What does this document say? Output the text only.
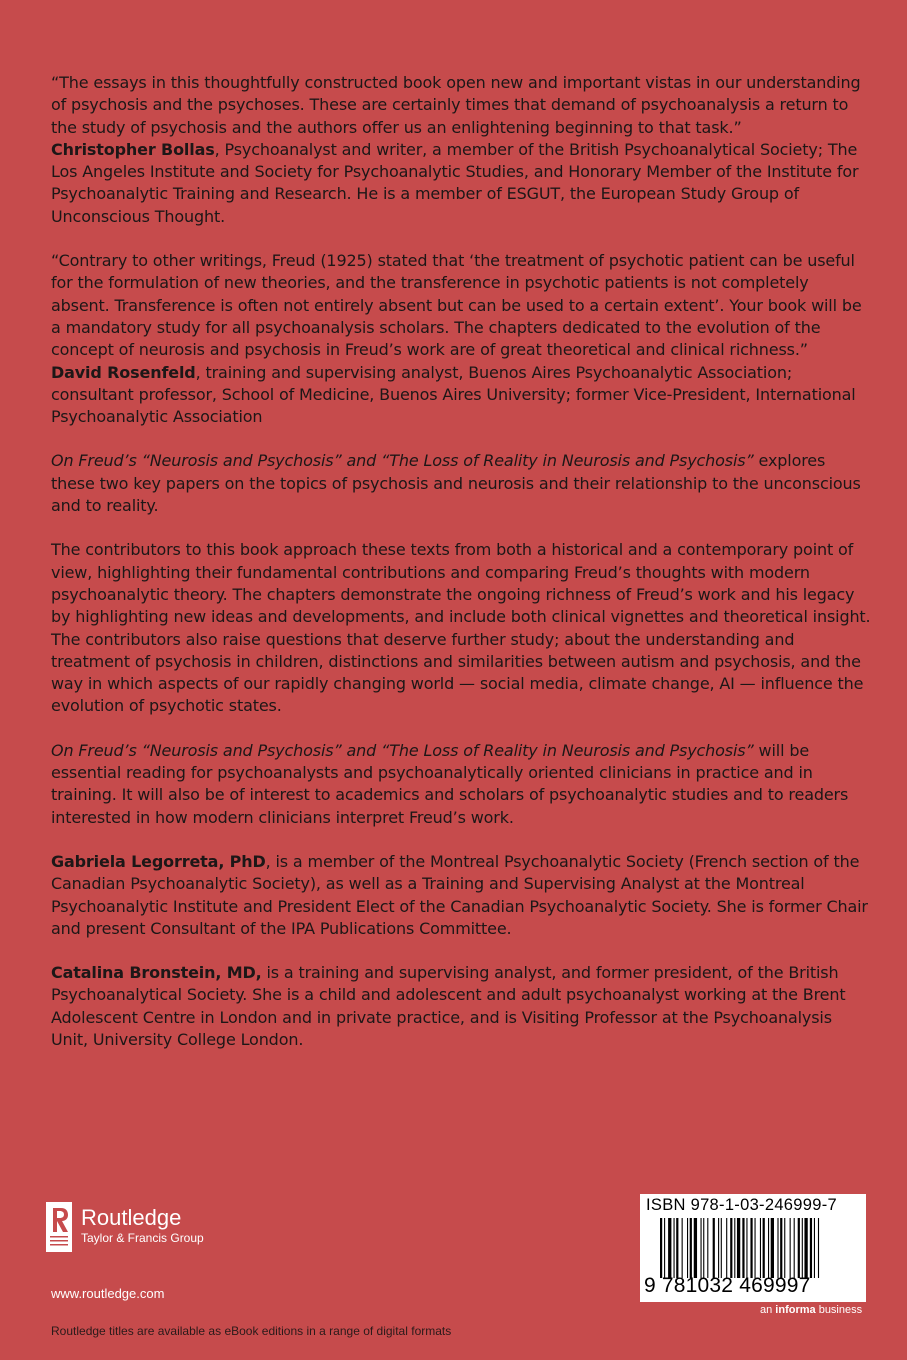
“The essays in this thoughtfully constructed book open new and important vistas in our understanding of psychosis and the psychoses. These are certainly times that demand of psychoanalysis a return to the study of psychosis and the authors offer us an enlightening beginning to that task.”
Christopher Bollas, Psychoanalyst and writer, a member of the British Psychoanalytical Society; The Los Angeles Institute and Society for Psychoanalytic Studies, and Honorary Member of the Institute for Psychoanalytic Training and Research. He is a member of ESGUT, the European Study Group of Unconscious Thought.

“Contrary to other writings, Freud (1925) stated that ‘the treatment of psychotic patient can be useful for the formulation of new theories, and the transference in psychotic patients is not completely absent. Transference is often not entirely absent but can be used to a certain extent’. Your book will be a mandatory study for all psychoanalysis scholars. The chapters dedicated to the evolution of the concept of neurosis and psychosis in Freud’s work are of great theoretical and clinical richness.”
David Rosenfeld, training and supervising analyst, Buenos Aires Psychoanalytic Association; consultant professor, School of Medicine, Buenos Aires University; former Vice-President, International Psychoanalytic Association

On Freud’s “Neurosis and Psychosis” and “The Loss of Reality in Neurosis and Psychosis” explores these two key papers on the topics of psychosis and neurosis and their relationship to the unconscious and to reality.

The contributors to this book approach these texts from both a historical and a contemporary point of view, highlighting their fundamental contributions and comparing Freud’s thoughts with modern psychoanalytic theory. The chapters demonstrate the ongoing richness of Freud’s work and his legacy by highlighting new ideas and developments, and include both clinical vignettes and theoretical insight. The contributors also raise questions that deserve further study; about the understanding and treatment of psychosis in children, distinctions and similarities between autism and psychosis, and the way in which aspects of our rapidly changing world — social media, climate change, AI — influence the evolution of psychotic states.

On Freud’s “Neurosis and Psychosis” and “The Loss of Reality in Neurosis and Psychosis” will be essential reading for psychoanalysts and psychoanalytically oriented clinicians in practice and in training. It will also be of interest to academics and scholars of psychoanalytic studies and to readers interested in how modern clinicians interpret Freud’s work.

Gabriela Legorreta, PhD, is a member of the Montreal Psychoanalytic Society (French section of the Canadian Psychoanalytic Society), as well as a Training and Supervising Analyst at the Montreal Psychoanalytic Institute and President Elect of the Canadian Psychoanalytic Society. She is former Chair and present Consultant of the IPA Publications Committee.

Catalina Bronstein, MD, is a training and supervising analyst, and former president, of the British Psychoanalytical Society. She is a child and adolescent and adult psychoanalyst working at the Brent Adolescent Centre in London and in private practice, and is Visiting Professor at the Psychoanalysis Unit, University College London.

Routledge
Taylor & Francis Group
www.routledge.com
Routledge titles are available as eBook editions in a range of digital formats
ISBN 978-1-03-246999-7
9 781032 469997
an informa business
